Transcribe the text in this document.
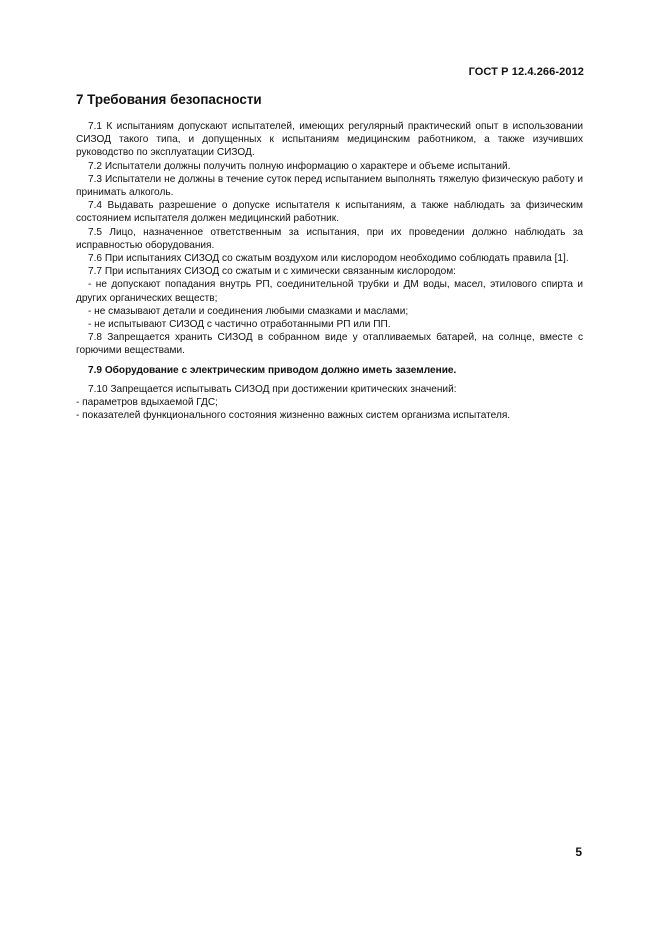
ГОСТ Р 12.4.266-2012
7 Требования безопасности

7.1 К испытаниям допускают испытателей, имеющих регулярный практический опыт в использовании СИЗОД такого типа, и допущенных к испытаниям медицинским работником, а также изучивших руководство по эксплуатации СИЗОД.

7.2 Испытатели должны получить полную информацию о характере и объеме испытаний.

7.3 Испытатели не должны в течение суток перед испытанием выполнять тяжелую физическую работу и принимать алкоголь.

7.4 Выдавать разрешение о допуске испытателя к испытаниям, а также наблюдать за физическим состоянием испытателя должен медицинский работник.

7.5 Лицо, назначенное ответственным за испытания, при их проведении должно наблюдать за исправностью оборудования.

7.6 При испытаниях СИЗОД со сжатым воздухом или кислородом необходимо соблюдать правила [1].

7.7 При испытаниях СИЗОД со сжатым и с химически связанным кислородом:

- не допускают попадания внутрь РП, соединительной трубки и ДМ воды, масел, этилового спирта и других органических веществ;

- не смазывают детали и соединения любыми смазками и маслами;

- не испытывают СИЗОД с частично отработанными РП или ПП.

7.8 Запрещается хранить СИЗОД в собранном виде у отапливаемых батарей, на солнце, вместе с горючими веществами.

7.9 Оборудование с электрическим приводом должно иметь заземление.

7.10 Запрещается испытывать СИЗОД при достижении критических значений:

- параметров вдыхаемой ГДС;

- показателей функционального состояния жизненно важных систем организма испытателя.

5
